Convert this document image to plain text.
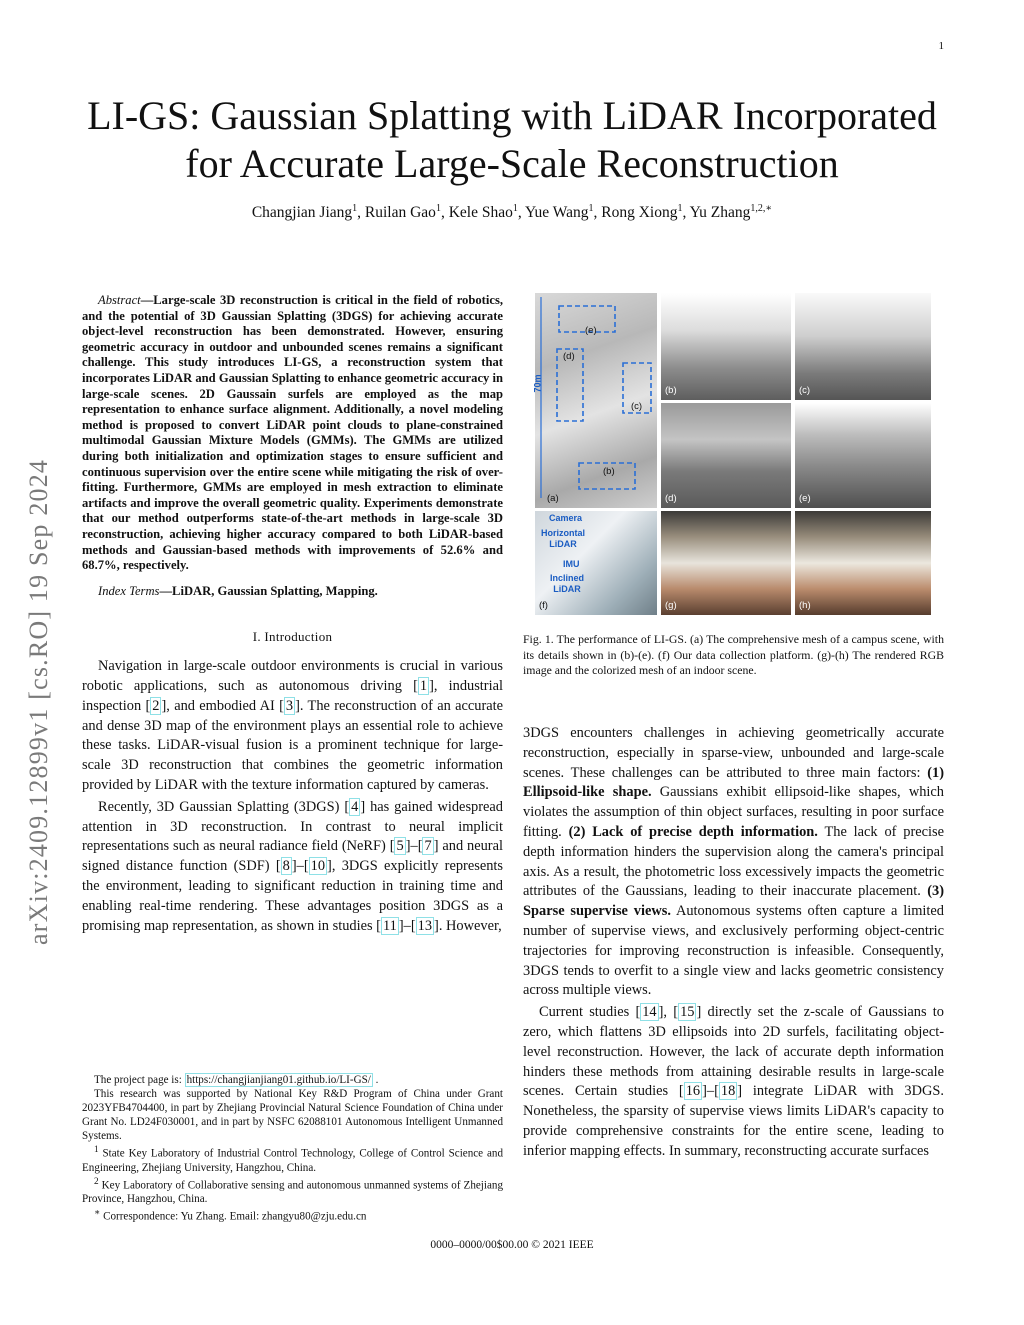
1
arXiv:2409.12899v1 [cs.RO] 19 Sep 2024
LI-GS: Gaussian Splatting with LiDAR Incorporated
for Accurate Large-Scale Reconstruction
Changjian Jiang$^1$, Ruilan Gao$^1$, Kele Shao$^1$, Yue Wang$^1$, Rong Xiong$^1$, Yu Zhang$^{1,2,∗}$

Abstract—Large-scale 3D reconstruction is critical in the field of robotics, and the potential of 3D Gaussian Splatting (3DGS) for achieving accurate object-level reconstruction has been demonstrated. However, ensuring geometric accuracy in outdoor and unbounded scenes remains a significant challenge. This study introduces LI-GS, a reconstruction system that incorporates LiDAR and Gaussian Splatting to enhance geometric accuracy in large-scale scenes. 2D Gaussain surfels are employed as the map representation to enhance surface alignment. Additionally, a novel modeling method is proposed to convert LiDAR point clouds to plane-constrained multimodal Gaussian Mixture Models (GMMs). The GMMs are utilized during both initialization and optimization stages to ensure sufficient and continuous supervision over the entire scene while mitigating the risk of over-fitting. Furthermore, GMMs are employed in mesh extraction to eliminate artifacts and improve the overall geometric quality. Experiments demonstrate that our method outperforms state-of-the-art methods in large-scale 3D reconstruction, achieving higher accuracy compared to both LiDAR-based methods and Gaussian-based methods with improvements of 52.6% and 68.7%, respectively.

Index Terms—LiDAR, Gaussian Splatting, Mapping.

I. Introduction

Navigation in large-scale outdoor environments is crucial in various robotic applications, such as autonomous driving [ 1 ], industrial inspection [ 2 ], and embodied AI [ 3 ]. The reconstruction of an accurate and dense 3D map of the environment plays an essential role to achieve these tasks. LiDAR-visual fusion is a prominent technique for large-scale 3D reconstruction that combines the geometric information provided by LiDAR with the texture information captured by cameras.

Recently, 3D Gaussian Splatting (3DGS) [ 4 ] has gained widespread attention in 3D reconstruction. In contrast to neural implicit representations such as neural radiance field (NeRF) [ 5 ]–[ 7 ] and neural signed distance function (SDF) [ 8 ]–[ 10 ], 3DGS explicitly represents the environment, leading to significant reduction in training time and enabling real-time rendering. These advantages position 3DGS as a promising map representation, as shown in studies [ 11 ]–[ 13 ]. However,

The project page is: https://changjianjiang01.github.io/LI-GS/ .

This research was supported by National Key R&D Program of China under Grant 2023YFB4704400, in part by Zhejiang Provincial Natural Science Foundation of China under Grant No. LD24F030001, and in part by NSFC 62088101 Autonomous Intelligent Unmanned Systems.

$^1$ State Key Laboratory of Industrial Control Technology, College of Control Science and Engineering, Zhejiang University, Hangzhou, China.

$^2$ Key Laboratory of Collaborative sensing and autonomous unmanned systems of Zhejiang Province, Hangzhou, China.

∗ Correspondence: Yu Zhang. Email: zhangyu80@zju.edu.cn

70m
(e)
(d)
(c)
(b)
(a)
(b)	(c)
(d)	(e)
Camera
Horizontal LiDAR
IMU
Inclined LiDAR
(f)	(g)	(h)
Fig. 1. The performance of LI-GS. (a) The comprehensive mesh of a campus scene, with its details shown in (b)-(e). (f) Our data collection platform. (g)-(h) The rendered RGB image and the colorized mesh of an indoor scene.

3DGS encounters challenges in achieving geometrically accurate reconstruction, especially in sparse-view, unbounded and large-scale scenes. These challenges can be attributed to three main factors: (1) Ellipsoid-like shape. Gaussians exhibit ellipsoid-like shapes, which violates the assumption of thin object surfaces, resulting in poor surface fitting. (2) Lack of precise depth information. The lack of precise depth information hinders the supervision along the camera's principal axis. As a result, the photometric loss excessively impacts the geometric attributes of the Gaussians, leading to their inaccurate placement. (3) Sparse supervise views. Autonomous systems often capture a limited number of supervise views, and exclusively performing object-centric trajectories for improving reconstruction is infeasible. Consequently, 3DGS tends to overfit to a single view and lacks geometric consistency across multiple views.

Current studies [ 14 ], [ 15 ] directly set the z-scale of Gaussians to zero, which flattens 3D ellipsoids into 2D surfels, facilitating object-level reconstruction. However, the lack of accurate depth information hinders these methods from attaining desirable results in large-scale scenes. Certain studies [ 16 ]–[ 18 ] integrate LiDAR with 3DGS. Nonetheless, the sparsity of supervise views limits LiDAR's capacity to provide comprehensive constraints for the entire scene, leading to inferior mapping effects. In summary, reconstructing accurate surfaces

0000–0000/00$00.00 © 2021 IEEE
